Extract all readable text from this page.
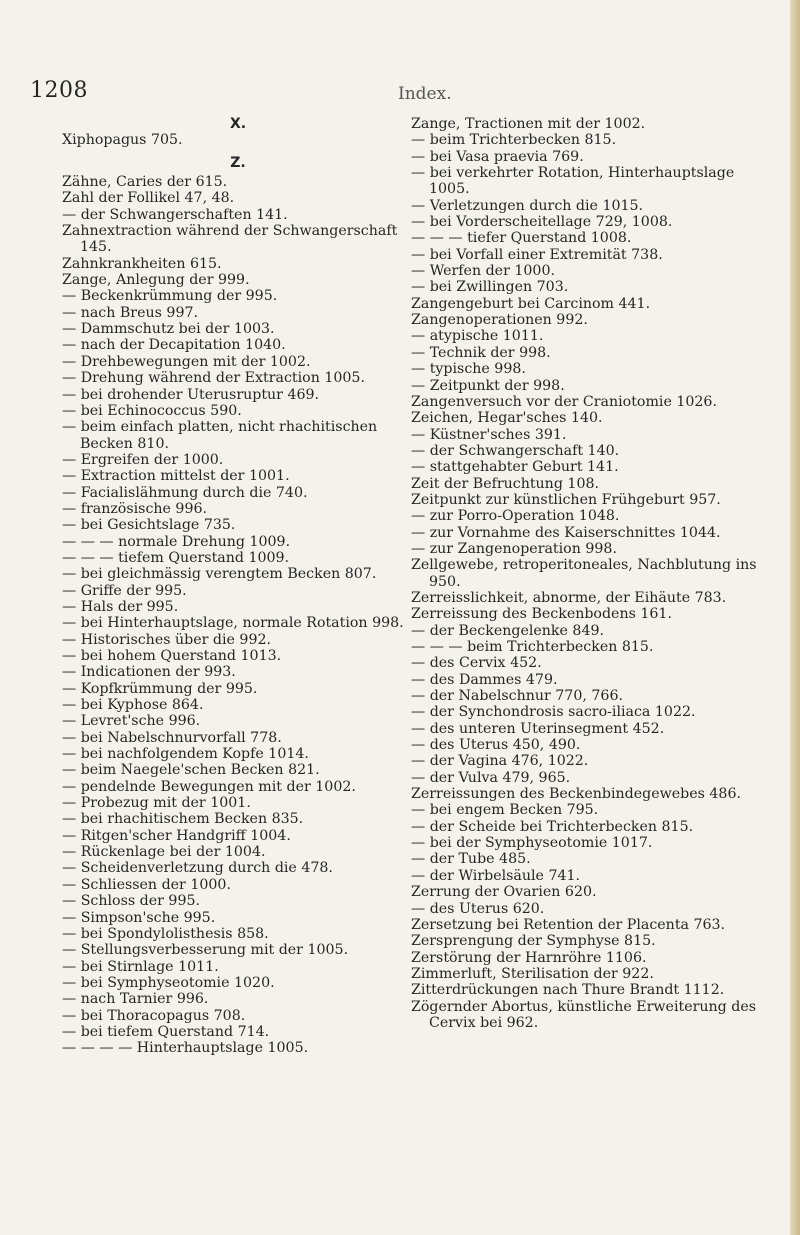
1208	Index.
X.
Xiphopagus 705.
Z.
Zähne, Caries der 615.
Zahl der Follikel 47, 48.
— der Schwangerschaften 141.
Zahnextraction während der Schwangerschaft 145.
Zahnkrankheiten 615.
Zange, Anlegung der 999.
— Beckenkrümmung der 995.
— nach Breus 997.
— Dammschutz bei der 1003.
— nach der Decapitation 1040.
— Drehbewegungen mit der 1002.
— Drehung während der Extraction 1005.
— bei drohender Uterusruptur 469.
— bei Echinococcus 590.
— beim einfach platten, nicht rhachitischen Becken 810.
— Ergreifen der 1000.
— Extraction mittelst der 1001.
— Facialislähmung durch die 740.
— französische 996.
— bei Gesichtslage 735.
— — — normale Drehung 1009.
— — — tiefem Querstand 1009.
— bei gleichmässig verengtem Becken 807.
— Griffe der 995.
— Hals der 995.
— bei Hinterhauptslage, normale Rotation 998.
— Historisches über die 992.
— bei hohem Querstand 1013.
— Indicationen der 993.
— Kopfkrümmung der 995.
— bei Kyphose 864.
— Levret'sche 996.
— bei Nabelschnurvorfall 778.
— bei nachfolgendem Kopfe 1014.
— beim Naegele'schen Becken 821.
— pendelnde Bewegungen mit der 1002.
— Probezug mit der 1001.
— bei rhachitischem Becken 835.
— Ritgen'scher Handgriff 1004.
— Rückenlage bei der 1004.
— Scheidenverletzung durch die 478.
— Schliessen der 1000.
— Schloss der 995.
— Simpson'sche 995.
— bei Spondylolisthesis 858.
— Stellungsverbesserung mit der 1005.
— bei Stirnlage 1011.
— bei Symphyseotomie 1020.
— nach Tarnier 996.
— bei Thoracopagus 708.
— bei tiefem Querstand 714.
— — — — Hinterhauptslage 1005.
Zange, Tractionen mit der 1002.
— beim Trichterbecken 815.
— bei Vasa praevia 769.
— bei verkehrter Rotation, Hinterhauptslage 1005.
— Verletzungen durch die 1015.
— bei Vorderscheitellage 729, 1008.
— — — tiefer Querstand 1008.
— bei Vorfall einer Extremität 738.
— Werfen der 1000.
— bei Zwillingen 703.
Zangengeburt bei Carcinom 441.
Zangenoperationen 992.
— atypische 1011.
— Technik der 998.
— typische 998.
— Zeitpunkt der 998.
Zangenversuch vor der Craniotomie 1026.
Zeichen, Hegar'sches 140.
— Küstner'sches 391.
— der Schwangerschaft 140.
— stattgehabter Geburt 141.
Zeit der Befruchtung 108.
Zeitpunkt zur künstlichen Frühgeburt 957.
— zur Porro-Operation 1048.
— zur Vornahme des Kaiserschnittes 1044.
— zur Zangenoperation 998.
Zellgewebe, retroperitoneales, Nachblutung ins 950.
Zerreisslichkeit, abnorme, der Eihäute 783.
Zerreissung des Beckenbodens 161.
— der Beckengelenke 849.
— — — beim Trichterbecken 815.
— des Cervix 452.
— des Dammes 479.
— der Nabelschnur 770, 766.
— der Synchondrosis sacro-iliaca 1022.
— des unteren Uterinsegment 452.
— des Uterus 450, 490.
— der Vagina 476, 1022.
— der Vulva 479, 965.
Zerreissungen des Beckenbindegewebes 486.
— bei engem Becken 795.
— der Scheide bei Trichterbecken 815.
— bei der Symphyseotomie 1017.
— der Tube 485.
— der Wirbelsäule 741.
Zerrung der Ovarien 620.
— des Uterus 620.
Zersetzung bei Retention der Placenta 763.
Zersprengung der Symphyse 815.
Zerstörung der Harnröhre 1106.
Zimmerluft, Sterilisation der 922.
Zitterdrückungen nach Thure Brandt 1112.
Zögernder Abortus, künstliche Erweiterung des Cervix bei 962.
